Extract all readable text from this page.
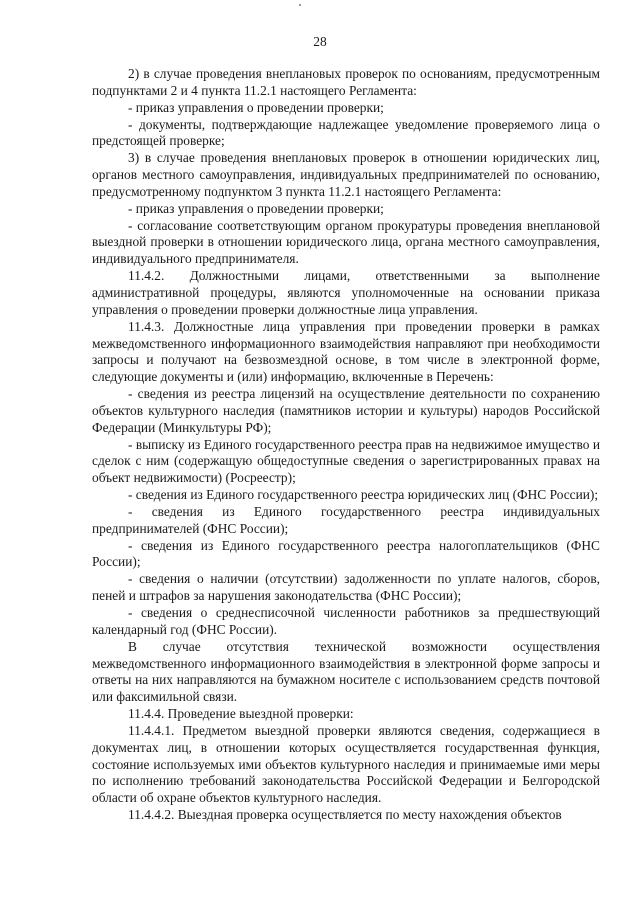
28

2) в случае проведения внеплановых проверок по основаниям, предусмотренным подпунктами 2 и 4 пункта 11.2.1 настоящего Регламента:

- приказ управления о проведении проверки;

- документы, подтверждающие надлежащее уведомление проверяемого лица о предстоящей проверке;

3) в случае проведения внеплановых проверок в отношении юридических лиц, органов местного самоуправления, индивидуальных предпринимателей по основанию, предусмотренному подпунктом 3 пункта 11.2.1 настоящего Регламента:

- приказ управления о проведении проверки;

- согласование соответствующим органом прокуратуры проведения внеплановой выездной проверки в отношении юридического лица, органа местного самоуправления, индивидуального предпринимателя.

11.4.2. Должностными лицами, ответственными за выполнение административной процедуры, являются уполномоченные на основании приказа управления о проведении проверки должностные лица управления.

11.4.3. Должностные лица управления при проведении проверки в рамках межведомственного информационного взаимодействия направляют при необходимости запросы и получают на безвозмездной основе, в том числе в электронной форме, следующие документы и (или) информацию, включенные в Перечень:

- сведения из реестра лицензий на осуществление деятельности по сохранению объектов культурного наследия (памятников истории и культуры) народов Российской Федерации (Минкультуры РФ);

- выписку из Единого государственного реестра прав на недвижимое имущество и сделок с ним (содержащую общедоступные сведения о зарегистрированных правах на объект недвижимости) (Росреестр);

- сведения из Единого государственного реестра юридических лиц (ФНС России);

- сведения из Единого государственного реестра индивидуальных предпринимателей (ФНС России);

- сведения из Единого государственного реестра налогоплательщиков (ФНС России);

- сведения о наличии (отсутствии) задолженности по уплате налогов, сборов, пеней и штрафов за нарушения законодательства (ФНС России);

- сведения о среднесписочной численности работников за предшествующий календарный год (ФНС России).

В случае отсутствия технической возможности осуществления межведомственного информационного взаимодействия в электронной форме запросы и ответы на них направляются на бумажном носителе с использованием средств почтовой или факсимильной связи.

11.4.4. Проведение выездной проверки:

11.4.4.1. Предметом выездной проверки являются сведения, содержащиеся в документах лиц, в отношении которых осуществляется государственная функция, состояние используемых ими объектов культурного наследия и принимаемые ими меры по исполнению требований законодательства Российской Федерации и Белгородской области об охране объектов культурного наследия.

11.4.4.2. Выездная проверка осуществляется по месту нахождения объектов
